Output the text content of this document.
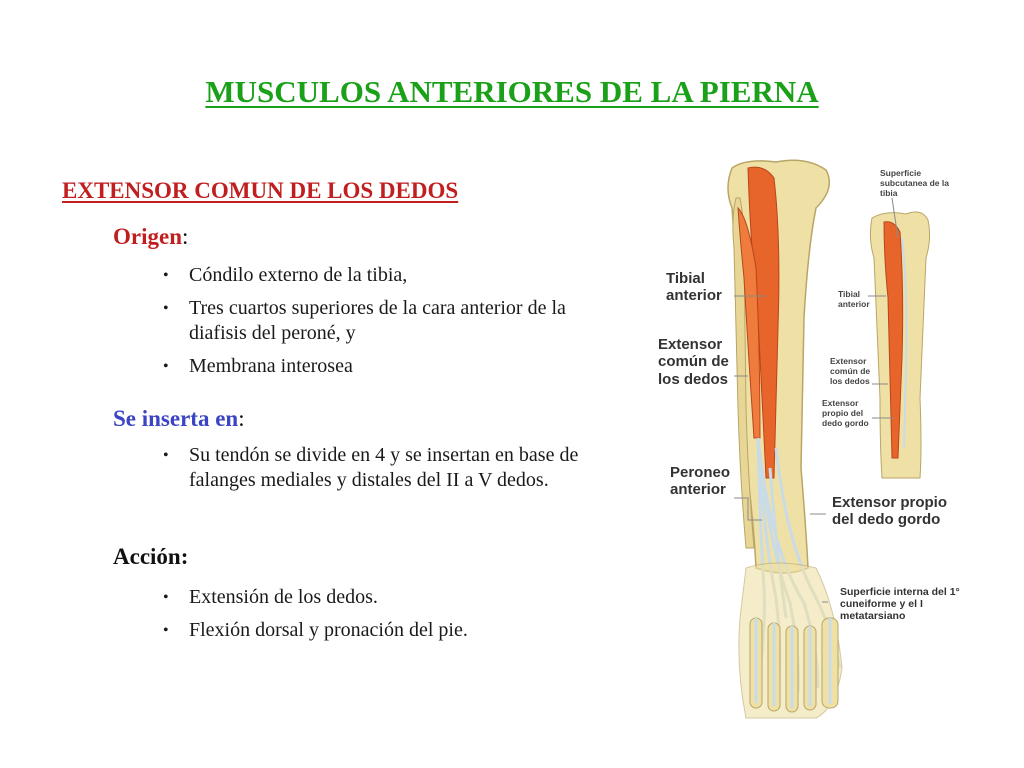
MUSCULOS ANTERIORES DE LA PIERNA
EXTENSOR COMUN DE LOS DEDOS
Origen:
• Cóndilo externo de la tibia,
• Tres cuartos superiores de la cara anterior de la diafisis del peroné, y
• Membrana interosea
Se inserta en:
• Su tendón se divide en 4 y se insertan en base de falanges mediales y distales del II a V dedos.
Acción:
• Extensión de los dedos.
• Flexión dorsal y pronación del pie.
Tibial anterior
Extensor común de los dedos
Peroneo anterior
Extensor propio del dedo gordo
Superficie subcutanea de la tibia
Superficie interna del 1° cuneiforme y el I metatarsiano
Tibial anterior
Extensor común de los dedos
Extensor propio del dedo gordo
